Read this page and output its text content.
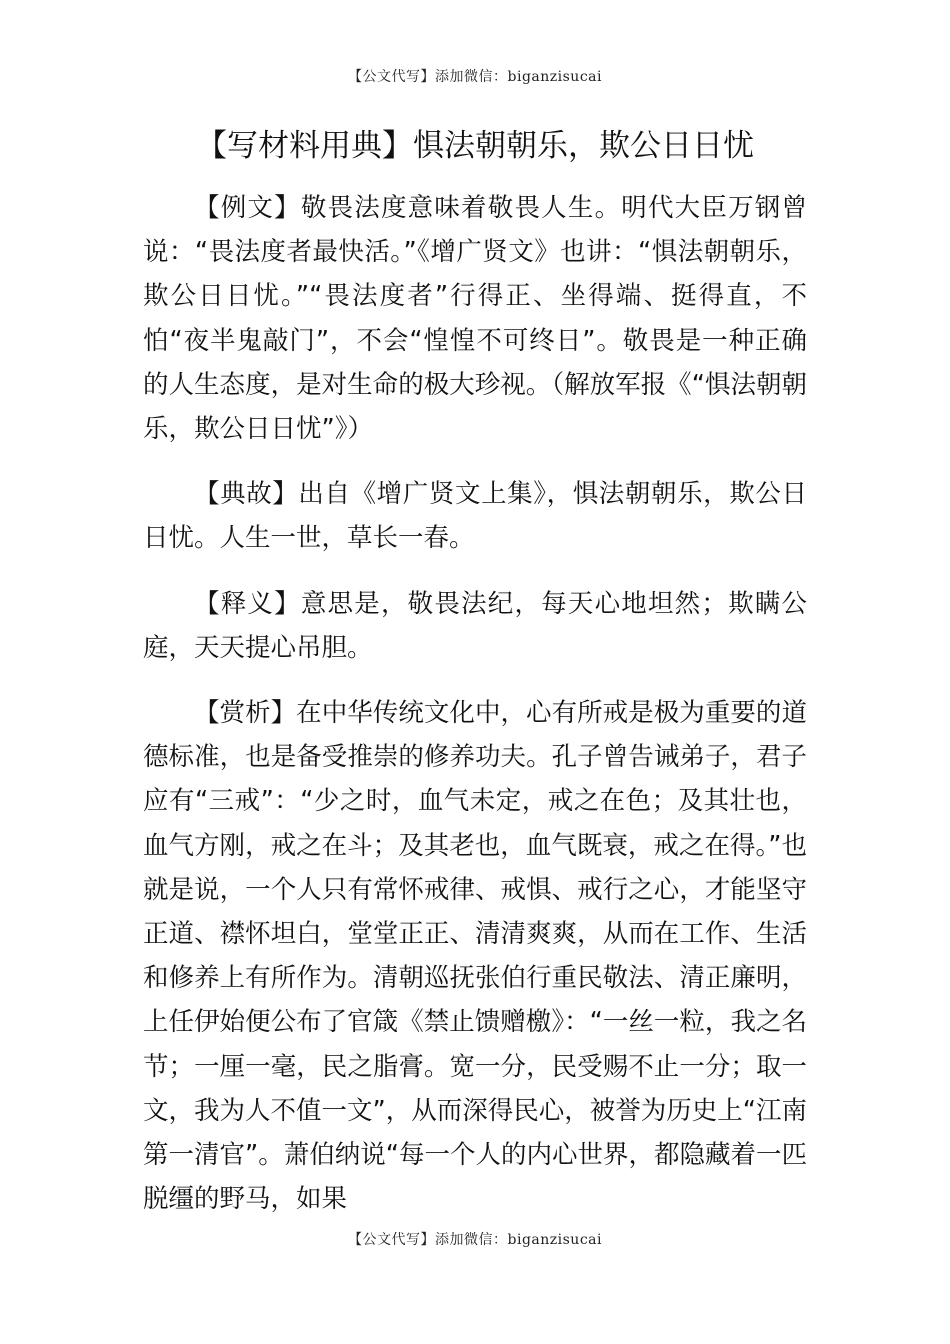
【公文代写】添加微信：biganzisucai
【写材料用典】惧法朝朝乐，欺公日日忧

【例文】敬畏法度意味着敬畏人生。明代大臣万钢曾说：“畏法度者最快活。”《增广贤文》也讲：“惧法朝朝乐，欺公日日忧。”“畏法度者”行得正、坐得端、挺得直，不怕“夜半鬼敲门”，不会“惶惶不可终日”。敬畏是一种正确的人生态度，是对生命的极大珍视。（解放军报《“惧法朝朝乐，欺公日日忧”》）

【典故】出自《增广贤文上集》，惧法朝朝乐，欺公日日忧。人生一世，草长一春。

【释义】意思是，敬畏法纪，每天心地坦然；欺瞒公庭，天天提心吊胆。

【赏析】在中华传统文化中，心有所戒是极为重要的道德标准，也是备受推崇的修养功夫。孔子曾告诫弟子，君子应有“三戒”：“少之时，血气未定，戒之在色；及其壮也，血气方刚，戒之在斗；及其老也，血气既衰，戒之在得。”也就是说，一个人只有常怀戒律、戒惧、戒行之心，才能坚守正道、襟怀坦白，堂堂正正、清清爽爽，从而在工作、生活和修养上有所作为。清朝巡抚张伯行重民敬法、清正廉明，上任伊始便公布了官箴《禁止馈赠檄》：“一丝一粒，我之名节；一厘一毫，民之脂膏。宽一分，民受赐不止一分；取一文，我为人不值一文”，从而深得民心，被誉为历史上“江南第一清官”。萧伯纳说“每一个人的内心世界，都隐藏着一匹脱缰的野马，如果

【公文代写】添加微信：biganzisucai
